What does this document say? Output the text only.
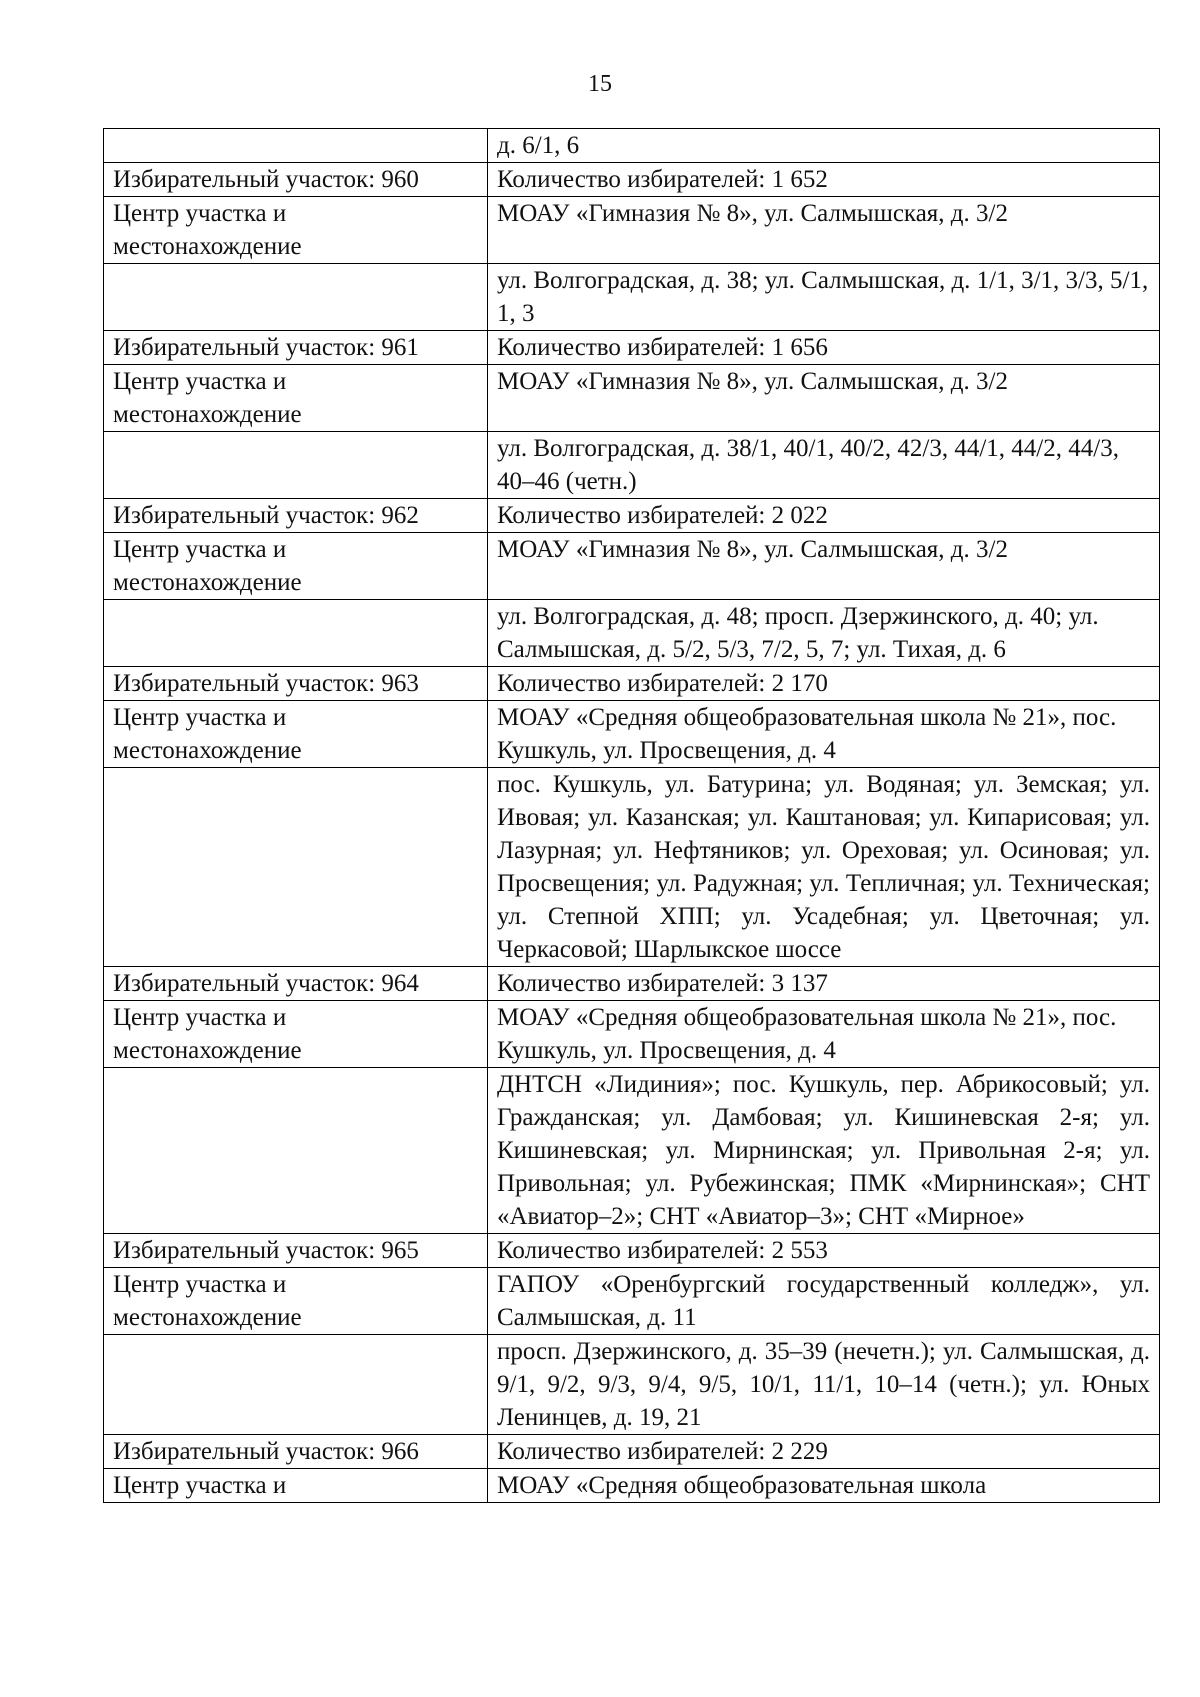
15
	д. 6/1, 6
Избирательный участок: 960	Количество избирателей: 1 652
Центр участка и местонахождение	МОАУ «Гимназия № 8», ул. Салмышская, д. 3/2
	ул. Волгоградская, д. 38; ул. Салмышская, д. 1/1, 3/1, 3/3, 5/1, 1, 3
Избирательный участок: 961	Количество избирателей: 1 656
Центр участка и местонахождение	МОАУ «Гимназия № 8», ул. Салмышская, д. 3/2
	ул. Волгоградская, д. 38/1, 40/1, 40/2, 42/3, 44/1, 44/2, 44/3, 40–46 (четн.)
Избирательный участок: 962	Количество избирателей: 2 022
Центр участка и местонахождение	МОАУ «Гимназия № 8», ул. Салмышская, д. 3/2
	ул. Волгоградская, д. 48; просп. Дзержинского, д. 40; ул. Салмышская, д. 5/2, 5/3, 7/2, 5, 7; ул. Тихая, д. 6
Избирательный участок: 963	Количество избирателей: 2 170
Центр участка и местонахождение	МОАУ «Средняя общеобразовательная школа № 21», пос. Кушкуль, ул. Просвещения, д. 4
	пос. Кушкуль, ул. Батурина; ул. Водяная; ул. Земская; ул. Ивовая; ул. Казанская; ул. Каштановая; ул. Кипарисовая; ул. Лазурная; ул. Нефтяников; ул. Ореховая; ул. Осиновая; ул. Просвещения; ул. Радужная; ул. Тепличная; ул. Техническая; ул. Степной ХПП; ул. Усадебная; ул. Цветочная; ул. Черкасовой; Шарлыкское шоссе
Избирательный участок: 964	Количество избирателей: 3 137
Центр участка и местонахождение	МОАУ «Средняя общеобразовательная школа № 21», пос. Кушкуль, ул. Просвещения, д. 4
	ДНТСН «Лидиния»; пос. Кушкуль, пер. Абрикосовый; ул. Гражданская; ул. Дамбовая; ул. Кишиневская 2-я; ул. Кишиневская; ул. Мирнинская; ул. Привольная 2-я; ул. Привольная; ул. Рубежинская; ПМК «Мирнинская»; СНТ «Авиатор–2»; СНТ «Авиатор–3»; СНТ «Мирное»
Избирательный участок: 965	Количество избирателей: 2 553
Центр участка и местонахождение	ГАПОУ «Оренбургский государственный колледж», ул. Салмышская, д. 11
	просп. Дзержинского, д. 35–39 (нечетн.); ул. Салмышская, д. 9/1, 9/2, 9/3, 9/4, 9/5, 10/1, 11/1, 10–14 (четн.); ул. Юных Ленинцев, д. 19, 21
Избирательный участок: 966	Количество избирателей: 2 229
Центр участка и	МОАУ «Средняя общеобразовательная школа
